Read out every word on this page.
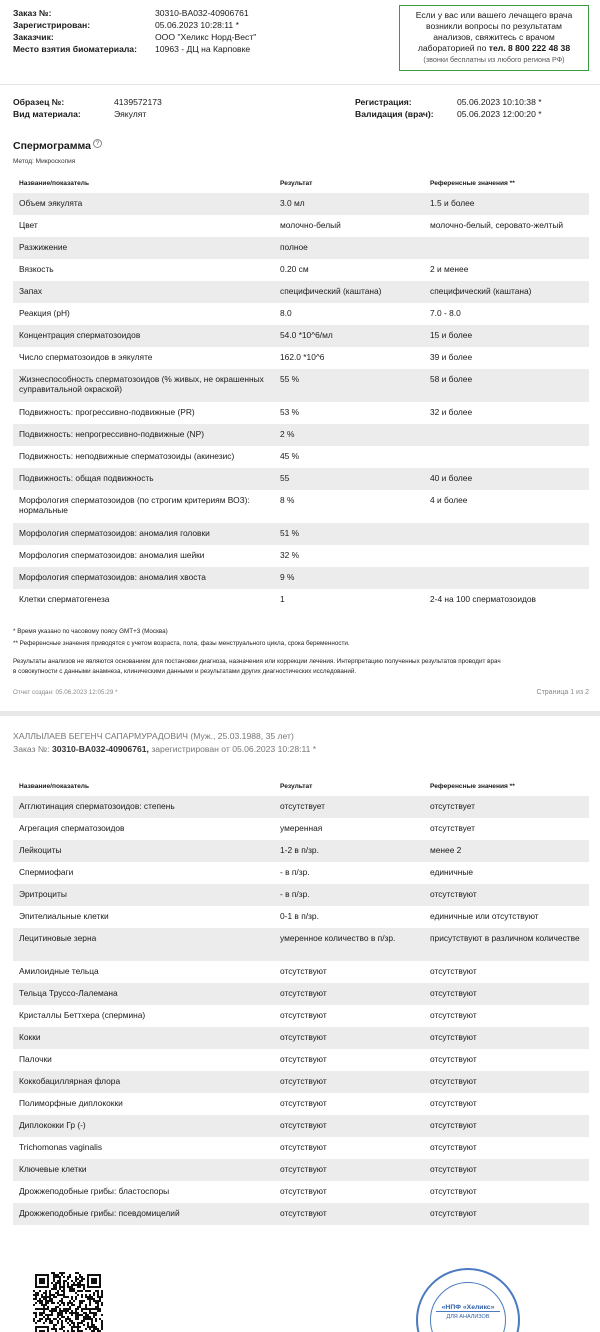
Заказ №:	30310-BA032-40906761
Зарегистрирован:	05.06.2023 10:28:11 *
Заказчик:	ООО "Хеликс Норд-Вест"
Место взятия биоматериала: 10963 - ДЦ на Карповке
Если у вас или вашего лечащего врача
возникли вопросы по результатам
анализов, свяжитесь с врачом
лабораторией по тел. 8 800 222 48 38
(звонки бесплатны из любого региона РФ)
Образец №:	4139572173
Вид материала:	Эякулят
Регистрация:	05.06.2023 10:10:38 *
Валидация (врач):	05.06.2023 12:00:20 *
Спермограмма ?
Метод: Микроскопия
Название/показатель	Результат	Референсные значения **
Объем эякулята	3.0 мл	1.5 и более

Цвет	молочно-белый	молочно-белый, серовато-желтый

Разжижение	полное	

Вязкость	0.20 см	2 и менее

Запах	специфический (каштана)	специфический (каштана)

Реакция (pH)	8.0	7.0 - 8.0

Концентрация сперматозоидов	54.0 *10^6/мл	15 и более

Число сперматозоидов в эякуляте	162.0 *10^6	39 и более

Жизнеспособность сперматозоидов (% живых, не окрашенных суправитальной окраской)	55 %	58 и более

Подвижность: прогрессивно-подвижные (PR)	53 %	32 и более

Подвижность: непрогрессивно-подвижные (NP)	2 %	

Подвижность: неподвижные сперматозоиды (акинезис)	45 %	

Подвижность: общая подвижность	55	40 и более

Морфология сперматозоидов (по строгим критериям ВОЗ): нормальные	8 %	4 и более

Морфология сперматозоидов: аномалия головки	51 %	

Морфология сперматозоидов: аномалия шейки	32 %	

Морфология сперматозоидов: аномалия хвоста	9 %	

Клетки сперматогенеза	1	2-4 на 100 сперматозоидов
* Время указано по часовому поясу GMT+3 (Москва)
** Референсные значения приводятся с учетом возраста, пола, фазы менструального цикла, срока беременности.
Результаты анализов не являются основанием для постановки диагноза, назначения или коррекции лечения. Интерпретацию полученных результатов проводит врач
в совокупности с данными анамнеза, клиническими данными и результатами других диагностических исследований.
Отчет создан: 05.06.2023 12:05:29 *	Страница 1 из 2
ХАЛЛЫЛАЕВ БЕГЕНЧ САПАРМУРАДОВИЧ (Муж., 25.03.1988, 35 лет)
Заказ №: 30310-BA032-40906761, зарегистрирован от 05.06.2023 10:28:11 *
Название/показатель	Результат	Референсные значения **
Агглютинация сперматозоидов: степень	отсутствует	отсутствует

Агрегация сперматозоидов	умеренная	отсутствует

Лейкоциты	1-2 в п/зр.	менее 2

Спермиофаги	- в п/зр.	единичные

Эритроциты	- в п/зр.	отсутствуют

Эпителиальные клетки	0-1 в п/зр.	единичные или отсутствуют

Лецитиновые зерна	умеренное количество в п/зр.	присутствуют в различном количестве

Амилоидные тельца	отсутствуют	отсутствуют

Тельца Труссо-Лалемана	отсутствуют	отсутствуют

Кристаллы Беттхера (спермина)	отсутствуют	отсутствуют

Кокки	отсутствуют	отсутствуют

Палочки	отсутствуют	отсутствуют

Коккобациллярная флора	отсутствуют	отсутствуют

Полиморфные диплококки	отсутствуют	отсутствуют

Диплококки Гр (-)	отсутствуют	отсутствуют

Trichomonas vaginalis	отсутствуют	отсутствуют

Ключевые клетки	отсутствуют	отсутствуют

Дрожжеподобные грибы: бластоспоры	отсутствуют	отсутствуют

Дрожжеподобные грибы: псевдомицелий	отсутствуют	отсутствуют
«НПФ «Хеликс»
ДЛЯ АНАЛИЗОВ
